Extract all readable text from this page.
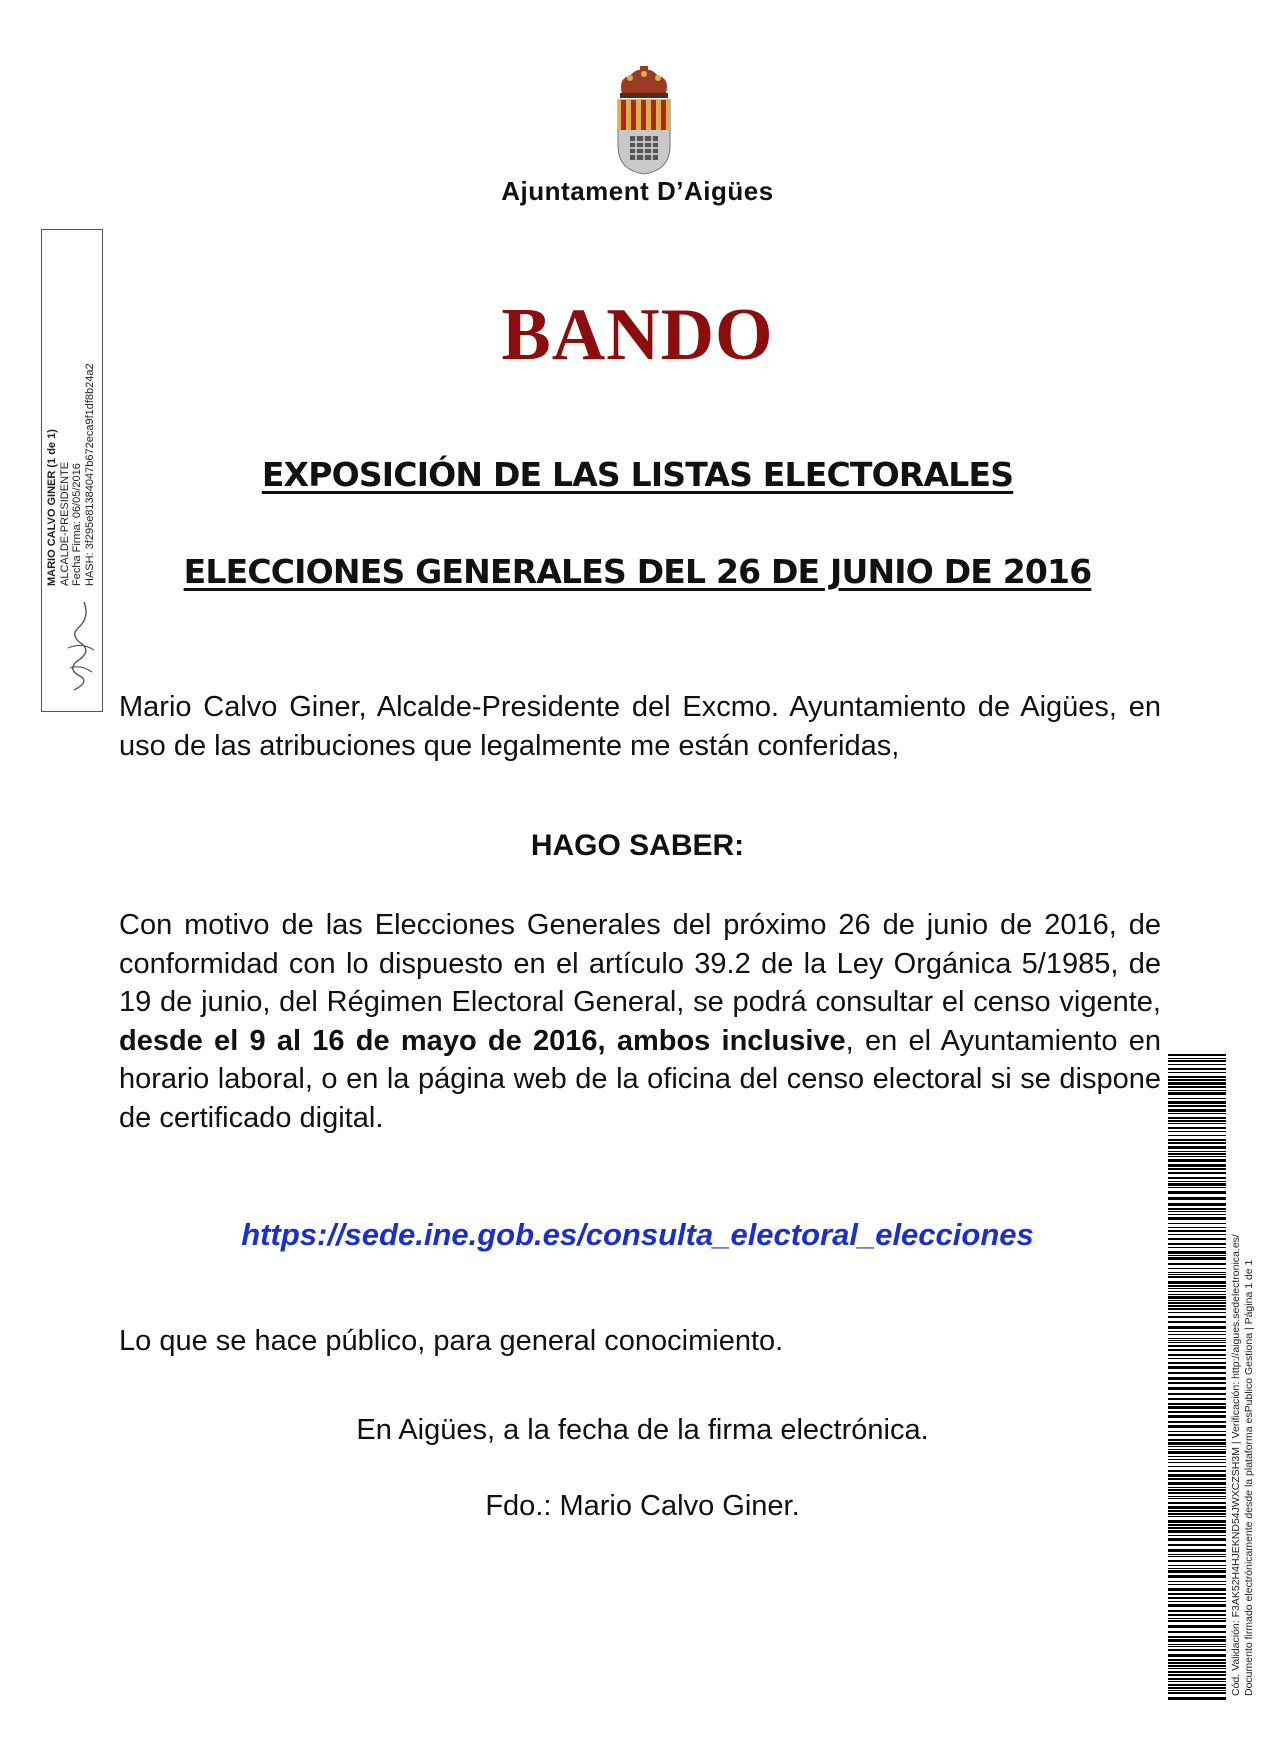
Ajuntament D’Aigües
BANDO
EXPOSICIÓN DE LAS LISTAS ELECTORALES
ELECCIONES GENERALES DEL 26 DE JUNIO DE 2016
Mario Calvo Giner, Alcalde-Presidente del Excmo. Ayuntamiento de Aigües, en uso de las atribuciones que legalmente me están conferidas,
HAGO SABER:
Con motivo de las Elecciones Generales del próximo 26 de junio de 2016, de conformidad con lo dispuesto en el artículo 39.2 de la Ley Orgánica 5/1985, de 19 de junio, del Régimen Electoral General, se podrá consultar el censo vigente, desde el 9 al 16 de mayo de 2016, ambos inclusive, en el Ayuntamiento en horario laboral, o en la página web de la oficina del censo electoral si se dispone de certificado digital.
https://sede.ine.gob.es/consulta_electoral_elecciones
Lo que se hace público, para general conocimiento.
En Aigües, a la fecha de la firma electrónica.
Fdo.: Mario Calvo Giner.
MARIO CALVO GINER (1 de 1) ALCALDE-PRESIDENTE Fecha Firma: 06/05/2016 HASH: 3f295e81384047b672eca9f1df8b24a2
Cód. Validación: F3AK52H4HJEKND54JWXCZSH3M | Verificación: http://aigues.sedelectronica.es/ Documento firmado electrónicamente desde la plataforma esPublico Gestiona | Página 1 de 1
